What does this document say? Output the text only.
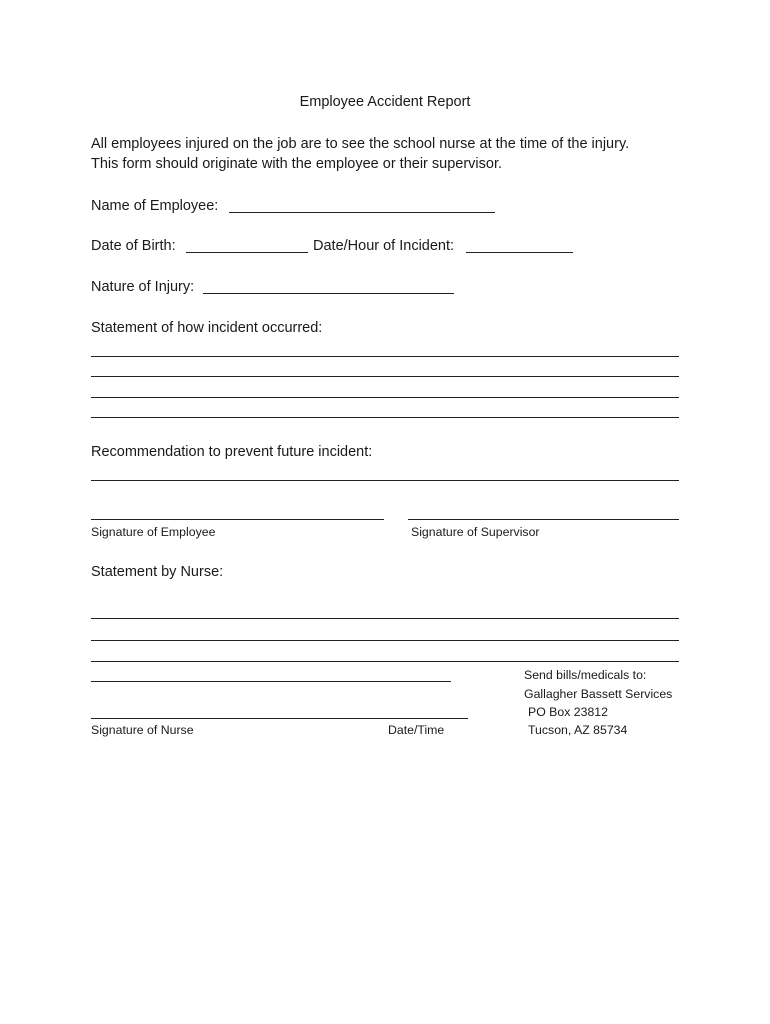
Employee Accident Report
All employees injured on the job are to see the school nurse at the time of the injury.
This form should originate with the employee or their supervisor.
Name of Employee:
Date of Birth:	Date/Hour of Incident:
Nature of Injury:
Statement of how incident occurred:
Recommendation to prevent future incident:
Signature of Employee	Signature of Supervisor
Statement by Nurse:
Signature of Nurse	Date/Time
Send bills/medicals to:
Gallagher Bassett Services
PO Box 23812
Tucson, AZ 85734
